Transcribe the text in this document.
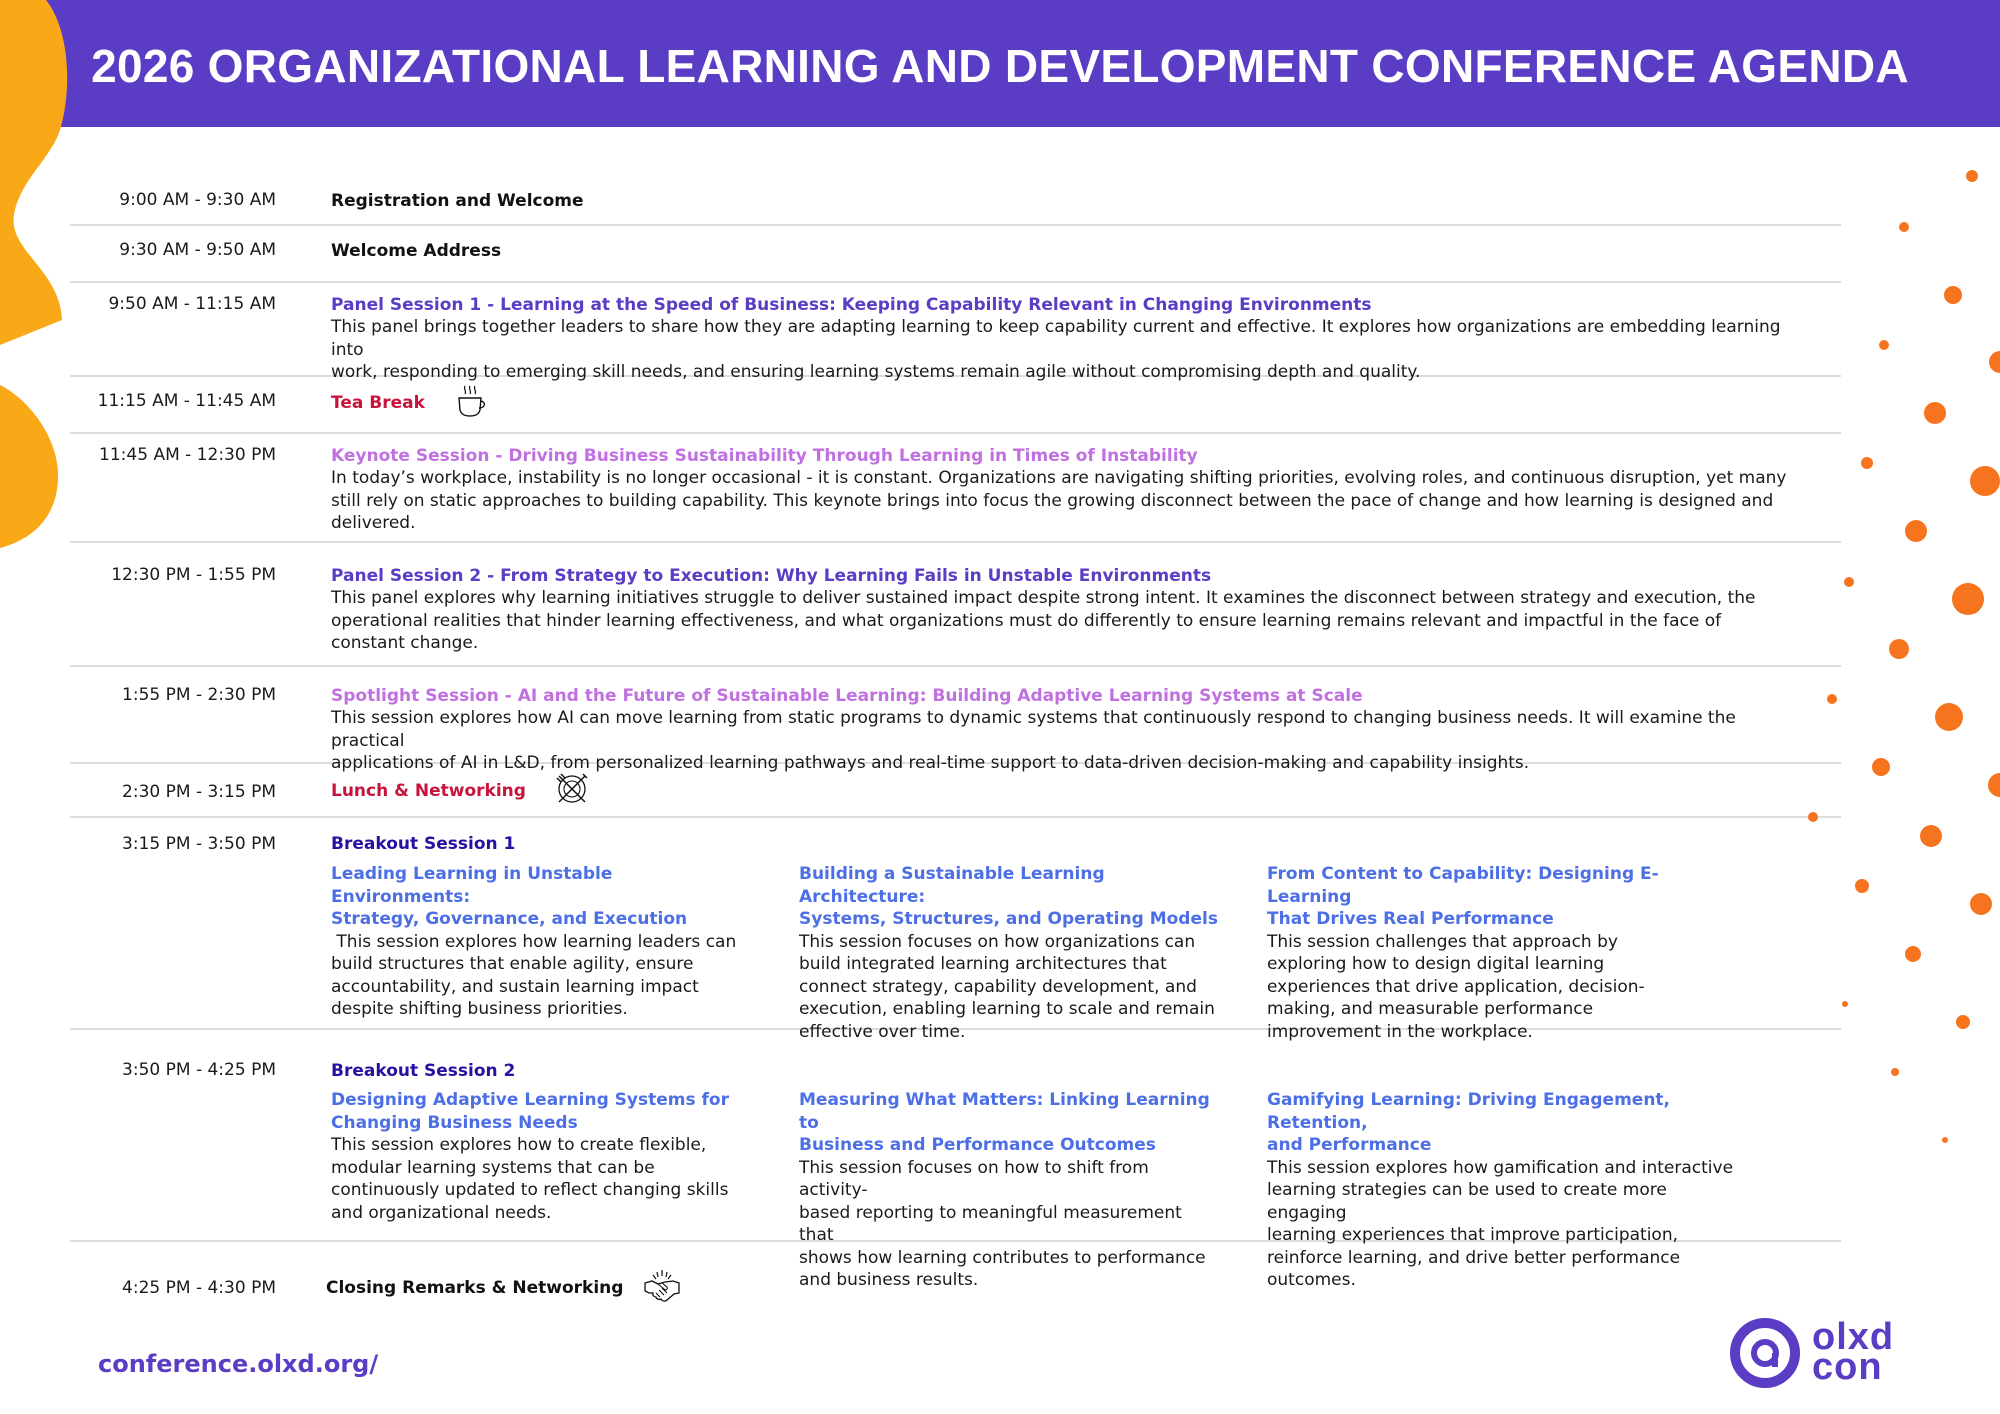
2026 ORGANIZATIONAL LEARNING AND DEVELOPMENT CONFERENCE AGENDA
9:00 AM - 9:30 AM	Registration and Welcome
9:30 AM - 9:50 AM	Welcome Address
9:50 AM - 11:15 AM	Panel Session 1 - Learning at the Speed of Business: Keeping Capability Relevant in Changing Environments
This panel brings together leaders to share how they are adapting learning to keep capability current and effective. It explores how organizations are embedding learning into
work, responding to emerging skill needs, and ensuring learning systems remain agile without compromising depth and quality.
11:15 AM - 11:45 AM	Tea Break
11:45 AM - 12:30 PM	Keynote Session - Driving Business Sustainability Through Learning in Times of Instability
In today’s workplace, instability is no longer occasional - it is constant. Organizations are navigating shifting priorities, evolving roles, and continuous disruption, yet many
still rely on static approaches to building capability. This keynote brings into focus the growing disconnect between the pace of change and how learning is designed and
delivered.
12:30 PM - 1:55 PM	Panel Session 2 - From Strategy to Execution: Why Learning Fails in Unstable Environments
This panel explores why learning initiatives struggle to deliver sustained impact despite strong intent. It examines the disconnect between strategy and execution, the
operational realities that hinder learning effectiveness, and what organizations must do differently to ensure learning remains relevant and impactful in the face of
constant change.
1:55 PM - 2:30 PM	Spotlight Session - AI and the Future of Sustainable Learning: Building Adaptive Learning Systems at Scale
This session explores how AI can move learning from static programs to dynamic systems that continuously respond to changing business needs. It will examine the practical
applications of AI in L&D, from personalized learning pathways and real-time support to data-driven decision-making and capability insights.
2:30 PM - 3:15 PM	Lunch & Networking
3:15 PM - 3:50 PM	Breakout Session 1
Leading Learning in Unstable Environments:
Strategy, Governance, and Execution
This session explores how learning leaders can
build structures that enable agility, ensure
accountability, and sustain learning impact
despite shifting business priorities.
Building a Sustainable Learning Architecture:
Systems, Structures, and Operating Models
This session focuses on how organizations can
build integrated learning architectures that
connect strategy, capability development, and
execution, enabling learning to scale and remain
effective over time.
From Content to Capability: Designing E-Learning
That Drives Real Performance
This session challenges that approach by
exploring how to design digital learning
experiences that drive application, decision-
making, and measurable performance
improvement in the workplace.
3:50 PM - 4:25 PM	Breakout Session 2
Designing Adaptive Learning Systems for
Changing Business Needs
This session explores how to create flexible,
modular learning systems that can be
continuously updated to reflect changing skills
and organizational needs.
Measuring What Matters: Linking Learning to
Business and Performance Outcomes
This session focuses on how to shift from activity-
based reporting to meaningful measurement that
shows how learning contributes to performance
and business results.
Gamifying Learning: Driving Engagement, Retention,
and Performance
This session explores how gamification and interactive
learning strategies can be used to create more engaging
learning experiences that improve participation,
reinforce learning, and drive better performance
outcomes.
4:25 PM - 4:30 PM	Closing Remarks & Networking
conference.olxd.org/
olxd
con
